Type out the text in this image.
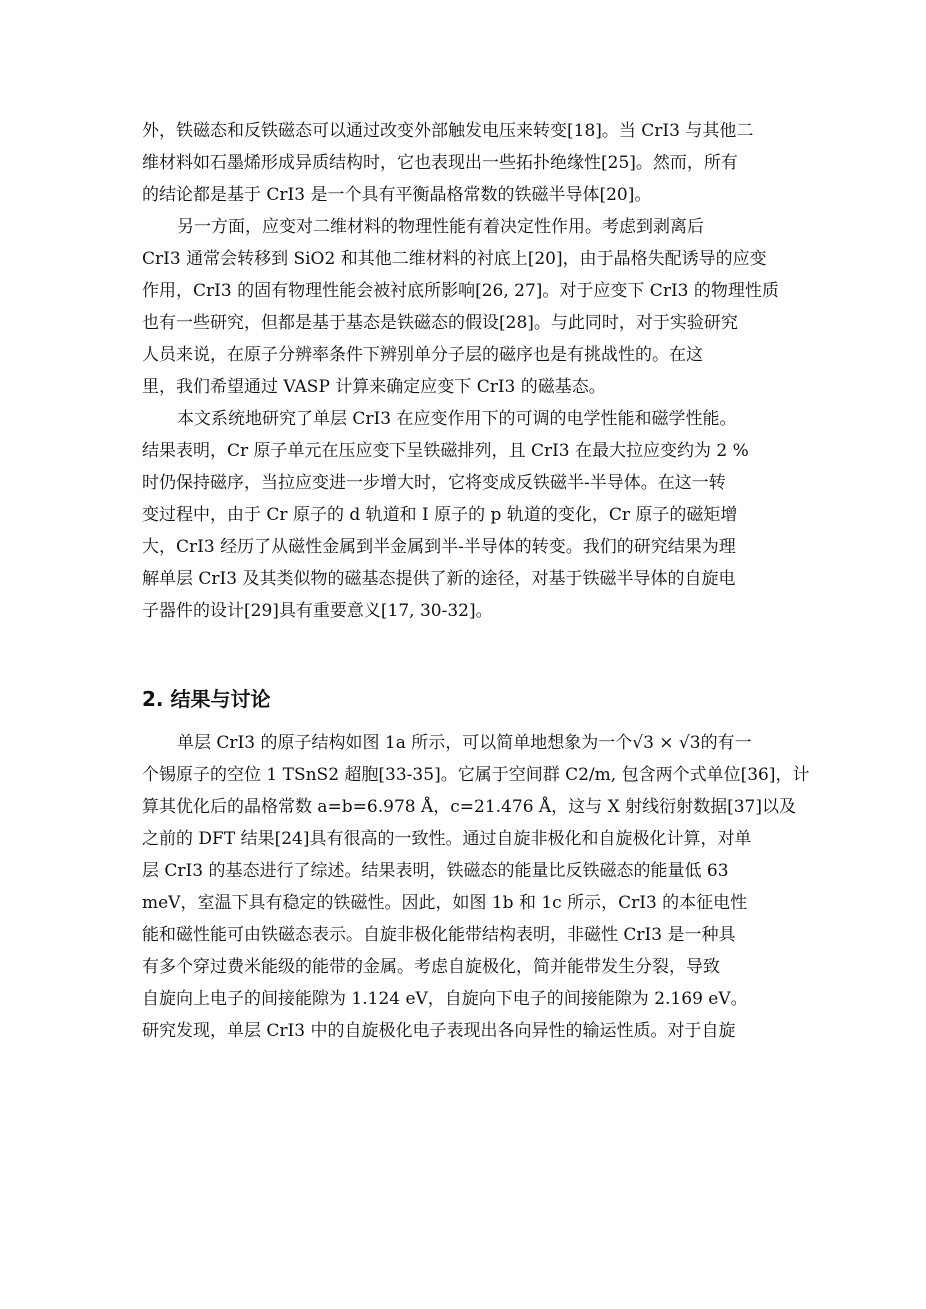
外，铁磁态和反铁磁态可以通过改变外部触发电压来转变[18]。当 CrI3 与其他二
维材料如石墨烯形成异质结构时，它也表现出一些拓扑绝缘性[25]。然而，所有
的结论都是基于 CrI3 是一个具有平衡晶格常数的铁磁半导体[20]。
另一方面，应变对二维材料的物理性能有着决定性作用。考虑到剥离后
CrI3 通常会转移到 SiO2 和其他二维材料的衬底上[20]，由于晶格失配诱导的应变
作用，CrI3 的固有物理性能会被衬底所影响[26, 27]。对于应变下 CrI3 的物理性质
也有一些研究，但都是基于基态是铁磁态的假设[28]。与此同时，对于实验研究
人员来说，在原子分辨率条件下辨别单分子层的磁序也是有挑战性的。在这
里，我们希望通过 VASP 计算来确定应变下 CrI3 的磁基态。
本文系统地研究了单层 CrI3 在应变作用下的可调的电学性能和磁学性能。
结果表明，Cr 原子单元在压应变下呈铁磁排列，且 CrI3 在最大拉应变约为 2 %
时仍保持磁序，当拉应变进一步增大时，它将变成反铁磁半-半导体。在这一转
变过程中，由于 Cr 原子的 d 轨道和 I 原子的 p 轨道的变化，Cr 原子的磁矩增
大，CrI3 经历了从磁性金属到半金属到半-半导体的转变。我们的研究结果为理
解单层 CrI3 及其类似物的磁基态提供了新的途径，对基于铁磁半导体的自旋电
子器件的设计[29]具有重要意义[17, 30-32]。
2. 结果与讨论
单层 CrI3 的原子结构如图 1a 所示，可以简单地想象为一个√3 × √3的有一
个锡原子的空位 1 TSnS2 超胞[33-35]。它属于空间群 C2/m, 包含两个式单位[36]，计
算其优化后的晶格常数 a=b=6.978 Å，c=21.476 Å，这与 X 射线衍射数据[37]以及
之前的 DFT 结果[24]具有很高的一致性。通过自旋非极化和自旋极化计算，对单
层 CrI3 的基态进行了综述。结果表明，铁磁态的能量比反铁磁态的能量低 63
meV，室温下具有稳定的铁磁性。因此，如图 1b 和 1c 所示，CrI3 的本征电性
能和磁性能可由铁磁态表示。自旋非极化能带结构表明，非磁性 CrI3 是一种具
有多个穿过费米能级的能带的金属。考虑自旋极化，简并能带发生分裂，导致
自旋向上电子的间接能隙为 1.124 eV，自旋向下电子的间接能隙为 2.169 eV。
研究发现，单层 CrI3 中的自旋极化电子表现出各向异性的输运性质。对于自旋
